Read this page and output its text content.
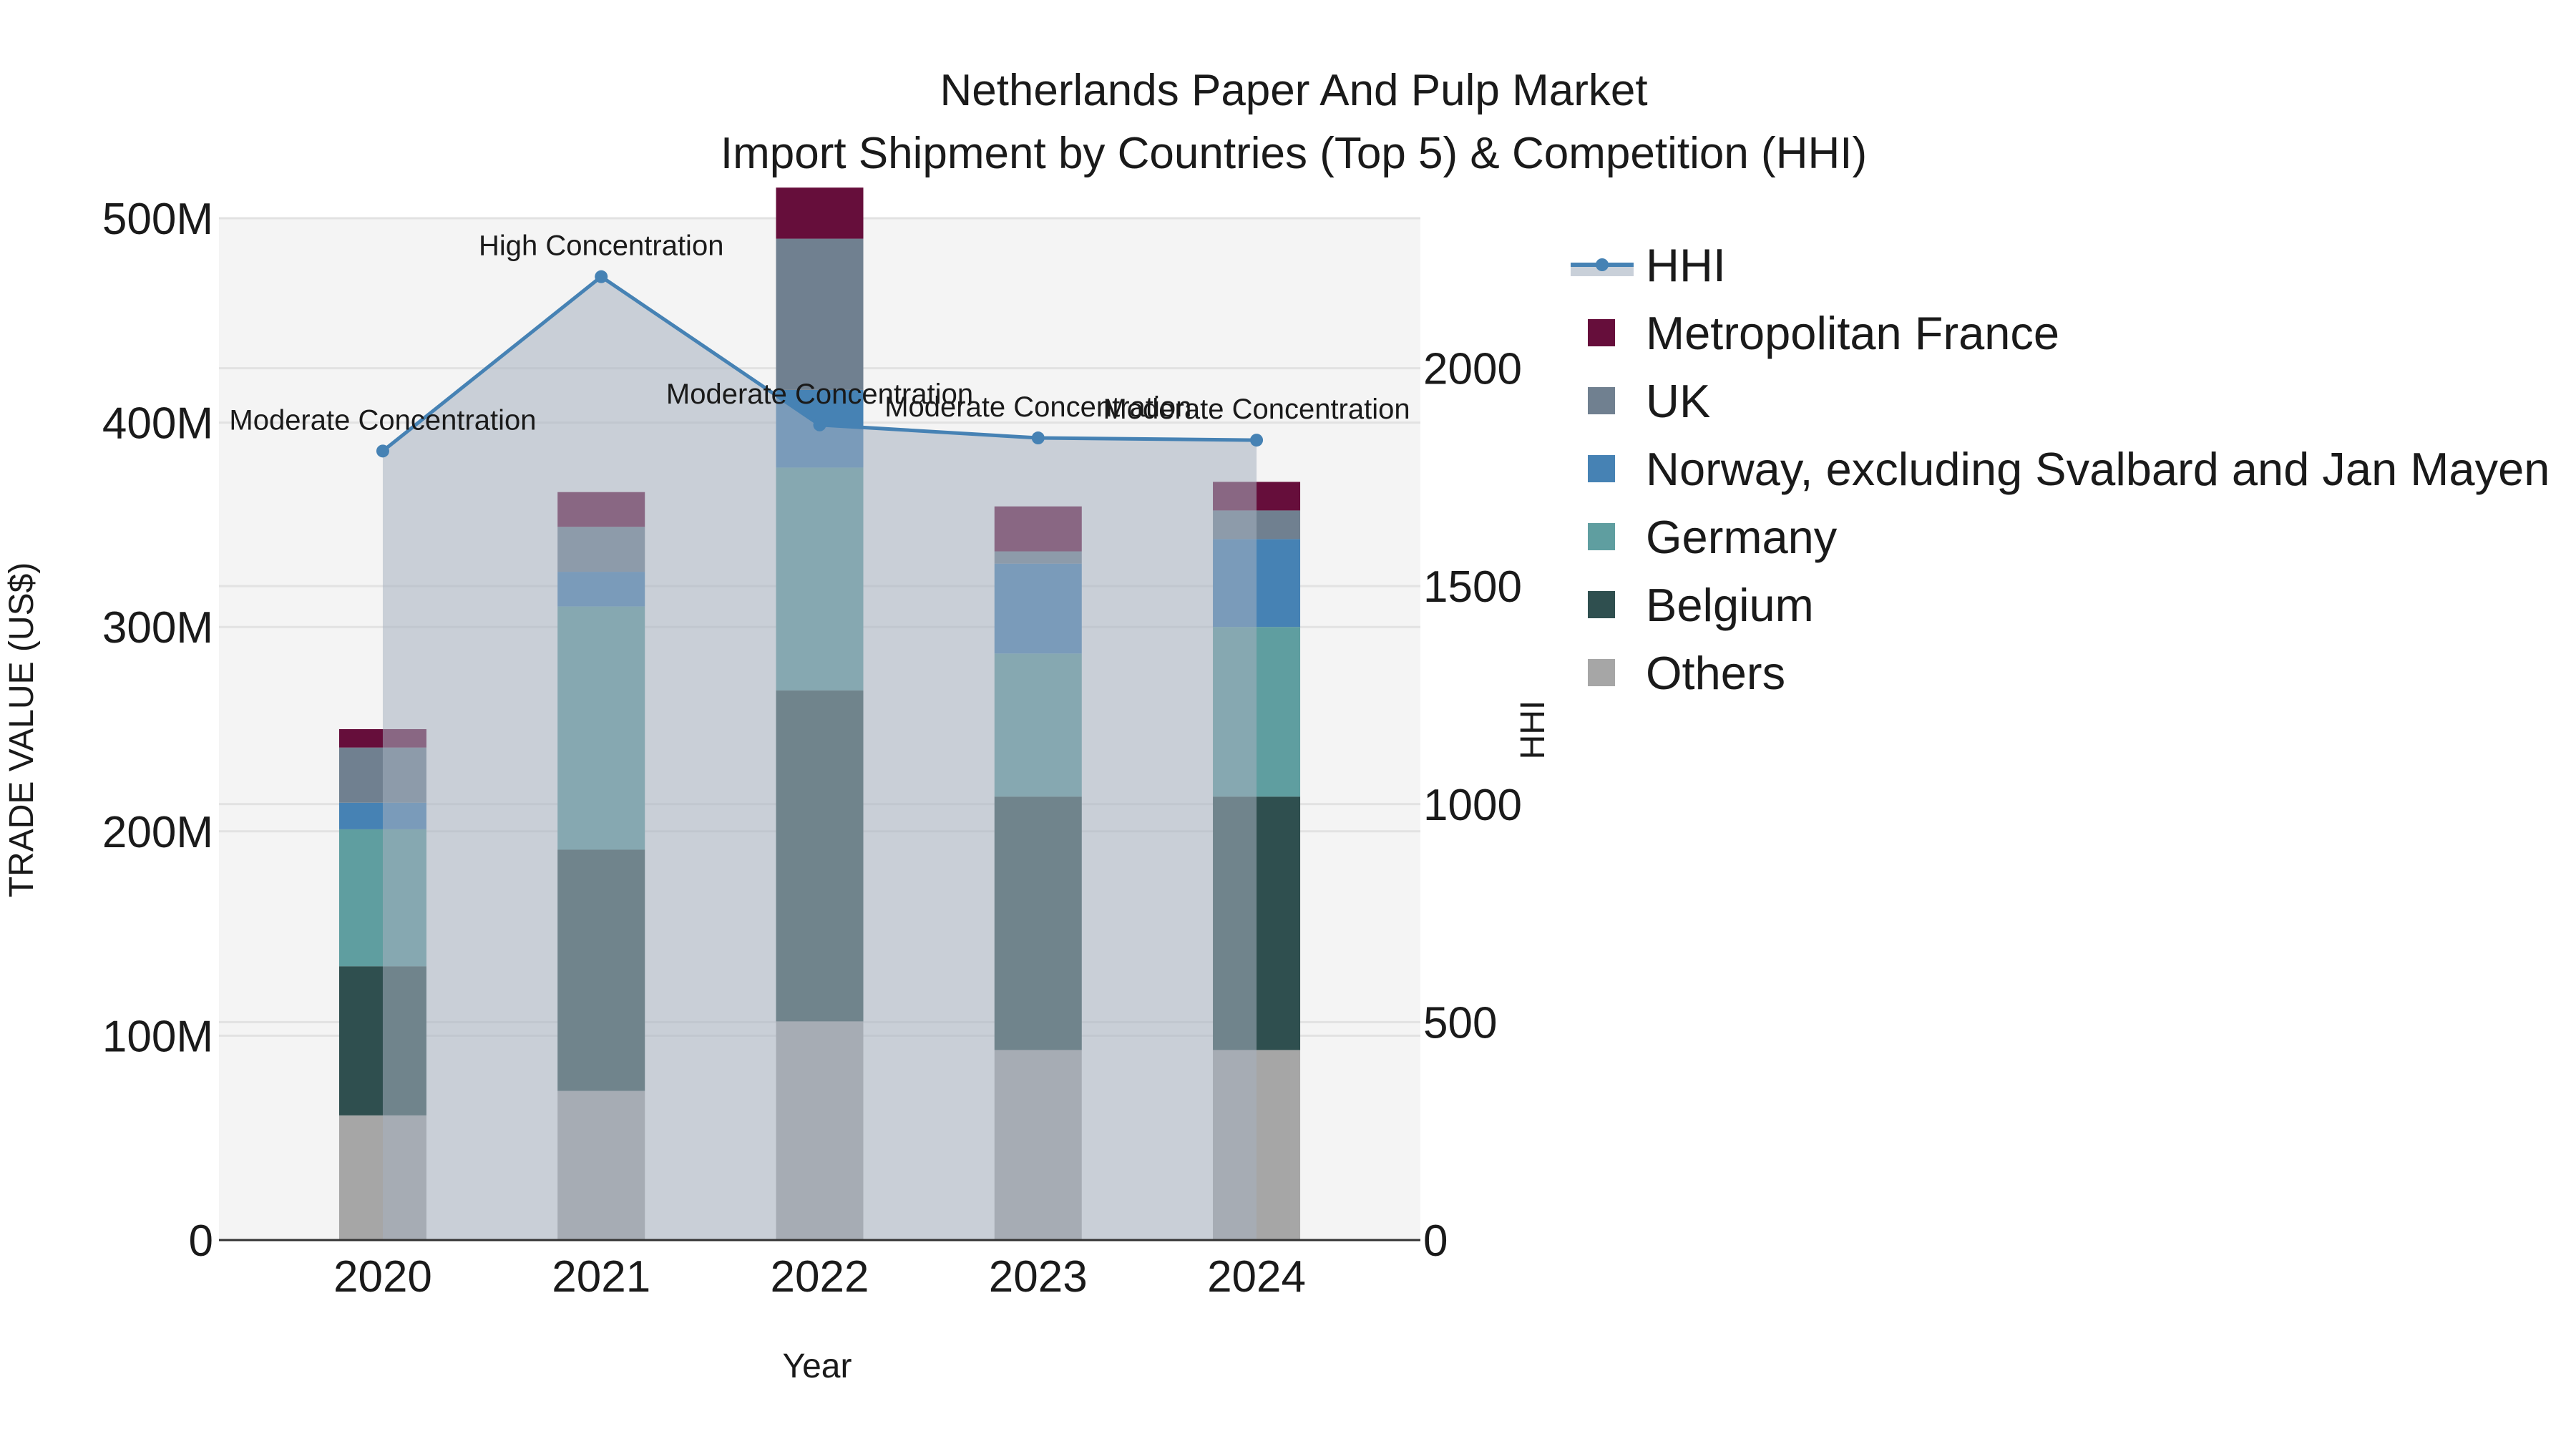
Netherlands Paper And Pulp Market
Import Shipment by Countries (Top 5) & Competition (HHI)
Moderate Concentration
High Concentration
Moderate Concentration
Moderate Concentration
Moderate Concentration
0
100M
200M
300M
400M
500M
0
500
1000
1500
2000
2020	2021	2022	2023	2024
Year
TRADE VALUE (US$)	HHI
HHI
Metropolitan France
UK
Norway, excluding Svalbard and Jan Mayen
Germany
Belgium
Others
